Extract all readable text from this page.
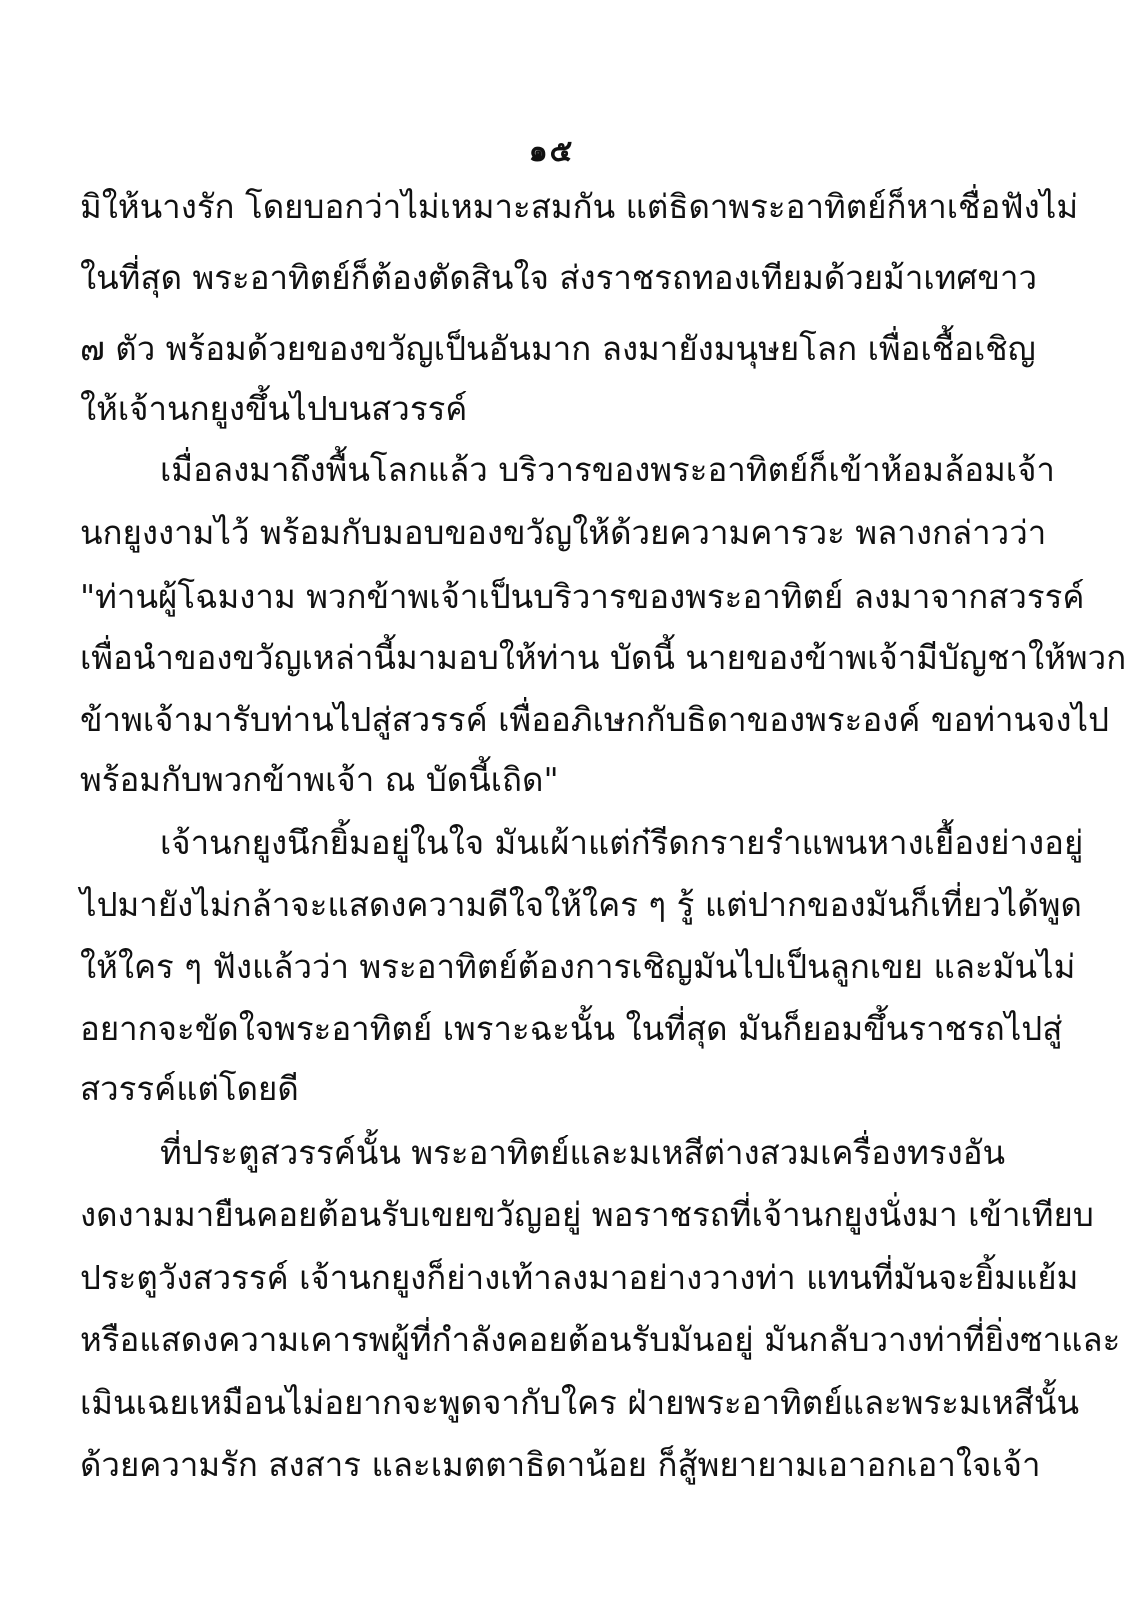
๑๕
มิให้นางรัก โดยบอกว่าไม่เหมาะสมกัน แต่ธิดาพระอาทิตย์ก็หาเชื่อฟังไม่
ในที่สุด พระอาทิตย์ก็ต้องตัดสินใจ ส่งราชรถทองเทียมด้วยม้าเทศขาว
๗ ตัว พร้อมด้วยของขวัญเป็นอันมาก ลงมายังมนุษยโลก เพื่อเชื้อเชิญ
ให้เจ้านกยูงขึ้นไปบนสวรรค์
เมื่อลงมาถึงพื้นโลกแล้ว บริวารของพระอาทิตย์ก็เข้าห้อมล้อมเจ้า
นกยูงงามไว้ พร้อมกับมอบของขวัญให้ด้วยความคารวะ พลางกล่าวว่า
"ท่านผู้โฉมงาม พวกข้าพเจ้าเป็นบริวารของพระอาทิตย์ ลงมาจากสวรรค์
เพื่อนำของขวัญเหล่านี้มามอบให้ท่าน บัดนี้ นายของข้าพเจ้ามีบัญชาให้พวก
ข้าพเจ้ามารับท่านไปสู่สวรรค์ เพื่ออภิเษกกับธิดาของพระองค์ ขอท่านจงไป
พร้อมกับพวกข้าพเจ้า ณ บัดนี้เถิด"
เจ้านกยูงนึกยิ้มอยู่ในใจ มันเผ้าแต่ก๋รีดกรายรำแพนหางเยื้องย่างอยู่
ไปมายังไม่กล้าจะแสดงความดีใจให้ใคร ๆ รู้ แต่ปากของมันก็เที่ยวได้พูด
ให้ใคร ๆ ฟังแล้วว่า พระอาทิตย์ต้องการเชิญมันไปเป็นลูกเขย และมันไม่
อยากจะขัดใจพระอาทิตย์ เพราะฉะนั้น ในที่สุด มันก็ยอมขึ้นราชรถไปสู่
สวรรค์แต่โดยดี
ที่ประตูสวรรค์นั้น พระอาทิตย์และมเหสีต่างสวมเครื่องทรงอัน
งดงามมายืนคอยต้อนรับเขยขวัญอยู่ พอราชรถที่เจ้านกยูงนั่งมา เข้าเทียบ
ประตูวังสวรรค์ เจ้านกยูงก็ย่างเท้าลงมาอย่างวางท่า แทนที่มันจะยิ้มแย้ม
หรือแสดงความเคารพผู้ที่กำลังคอยต้อนรับมันอยู่ มันกลับวางท่าที่ยิ่งซาและ
เมินเฉยเหมือนไม่อยากจะพูดจากับใคร ฝ่ายพระอาทิตย์และพระมเหสีนั้น
ด้วยความรัก สงสาร และเมตตาธิดาน้อย ก็สู้พยายามเอาอกเอาใจเจ้า
